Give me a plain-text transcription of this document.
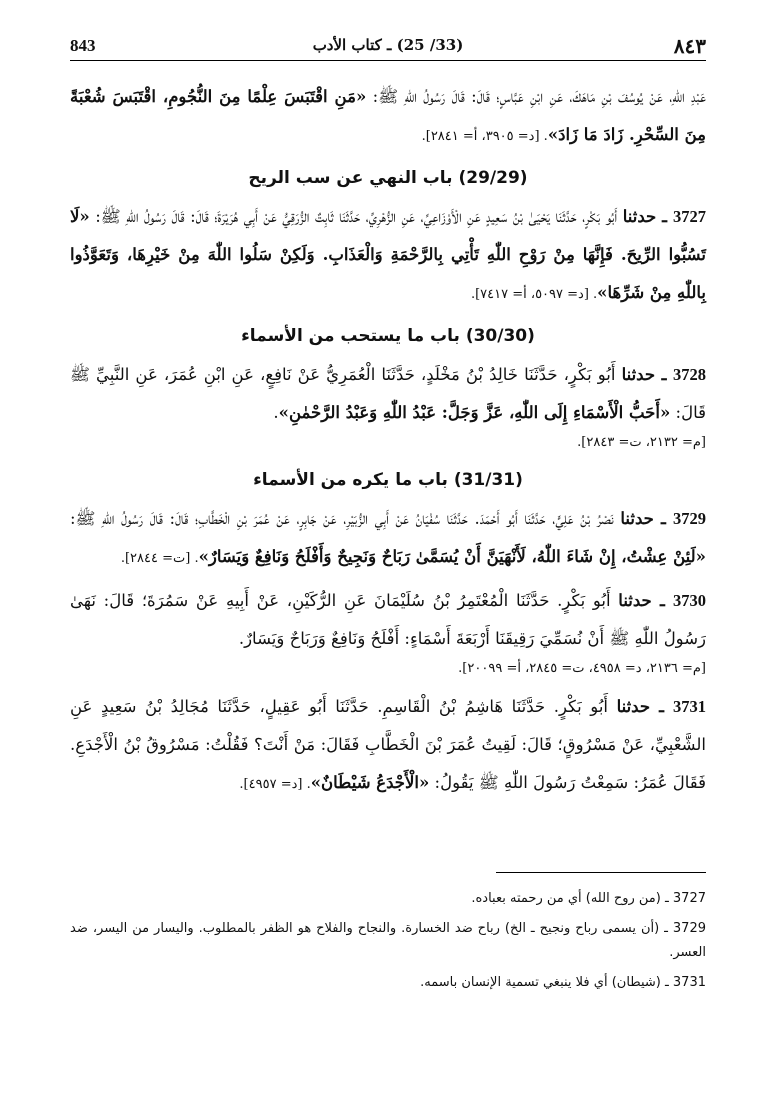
843	(33/ 25) ـ كتاب الأدب	٨٤٣

عَبْدِ اللّٰهِ، عَنْ يُوسُفَ بْنِ مَاهَكَ، عَنِ ابْنِ عَبَّاسٍ؛ قَالَ: قَالَ رَسُولُ اللّٰهِ ﷺ: «مَنِ اقْتَبَسَ عِلْمًا مِنَ النُّجُومِ، اقْتَبَسَ شُعْبَةً مِنَ السِّحْرِ. زَادَ مَا زَادَ». [د= ٣٩٠٥، أ= ٢٨٤١].

(29/29) باب النهي عن سب الريح

3727 ـ حدثنا أَبُو بَكْرٍ، حَدَّثَنَا يَحْيَىٰ بْنُ سَعِيدٍ عَنِ الْأَوْزَاعِيِّ، عَنِ الزُّهْرِيِّ، حَدَّثَنَا ثَابِتٌ الزُّرَقِيُّ عَنْ أَبِي هُرَيْرَةَ؛ قَالَ: قَالَ رَسُولُ اللّٰهِ ﷺ: «لَا تَسُبُّوا الرِّيحَ. فَإِنَّهَا مِنْ رَوْحِ اللّٰهِ تَأْتِي بِالرَّحْمَةِ وَالْعَذَابِ. وَلَكِنْ سَلُوا اللّٰهَ مِنْ خَيْرِهَا، وَتَعَوَّذُوا بِاللّٰهِ مِنْ شَرِّهَا». [د= ٥٠٩٧، أ= ٧٤١٧].

(30/30) باب ما يستحب من الأسماء

3728 ـ حدثنا أَبُو بَكْرٍ، حَدَّثَنَا خَالِدُ بْنُ مَخْلَدٍ، حَدَّثَنَا الْعُمَرِيُّ عَنْ نَافِعٍ، عَنِ ابْنِ عُمَرَ، عَنِ النَّبِيِّ ﷺ قَالَ: «أَحَبُّ الْأَسْمَاءِ إِلَى اللّٰهِ، عَزَّ وَجَلَّ: عَبْدُ اللّٰهِ وَعَبْدُ الرَّحْمٰنِ».

[م= ٢١٣٢، ت= ٢٨٤٣].
(31/31) باب ما يكره من الأسماء

3729 ـ حدثنا نَصْرُ بْنُ عَلِيٍّ، حَدَّثَنَا أَبُو أَحْمَدَ. حَدَّثَنَا سُفْيَانُ عَنْ أَبِي الزُّبَيْرِ، عَنْ جَابِرٍ، عَنْ عُمَرَ بْنِ الْخَطَّابِ؛ قَالَ: قَالَ رَسُولُ اللّٰهِ ﷺ: «لَئِنْ عِشْتُ، إِنْ شَاءَ اللّٰهُ، لَأَنْهَيَنَّ أَنْ يُسَمَّىٰ رَبَاحٌ وَنَجِيحٌ وَأَفْلَحُ وَنَافِعٌ وَيَسَارٌ». [ت= ٢٨٤٤].

3730 ـ حدثنا أَبُو بَكْرٍ. حَدَّثَنَا الْمُعْتَمِرُ بْنُ سُلَيْمَانَ عَنِ الرُّكَيْنِ، عَنْ أَبِيهِ عَنْ سَمُرَةَ؛ قَالَ: نَهَىٰ رَسُولُ اللّٰهِ ﷺ أَنْ نُسَمِّيَ رَقِيقَنَا أَرْبَعَةَ أَسْمَاءٍ: أَفْلَحُ وَنَافِعٌ وَرَبَاحٌ وَيَسَارٌ.

[م= ٢١٣٦، د= ٤٩٥٨، ت= ٢٨٤٥، أ= ٢٠٠٩٩].

3731 ـ حدثنا أَبُو بَكْرٍ. حَدَّثَنَا هَاشِمُ بْنُ الْقَاسِمِ. حَدَّثَنَا أَبُو عَقِيلٍ، حَدَّثَنَا مُجَالِدُ بْنُ سَعِيدٍ عَنِ الشَّعْبِيِّ، عَنْ مَسْرُوقٍ؛ قَالَ: لَقِيتُ عُمَرَ بْنَ الْخَطَّابِ فَقَالَ: مَنْ أَنْتَ؟ فَقُلْتُ: مَسْرُوقُ بْنُ الْأَجْدَعِ. فَقَالَ عُمَرُ: سَمِعْتُ رَسُولَ اللّٰهِ ﷺ يَقُولُ: «الْأَجْدَعُ شَيْطَانٌ». [د= ٤٩٥٧].

3727 ـ (من روح الله) أي من رحمته بعباده.

3729 ـ (أن يسمى رباح ونجيح ـ الخ) رباح ضد الخسارة. والنجاح والفلاح هو الظفر بالمطلوب. واليسار من اليسر، ضد العسر.

3731 ـ (شيطان) أي فلا ينبغي تسمية الإنسان باسمه.
